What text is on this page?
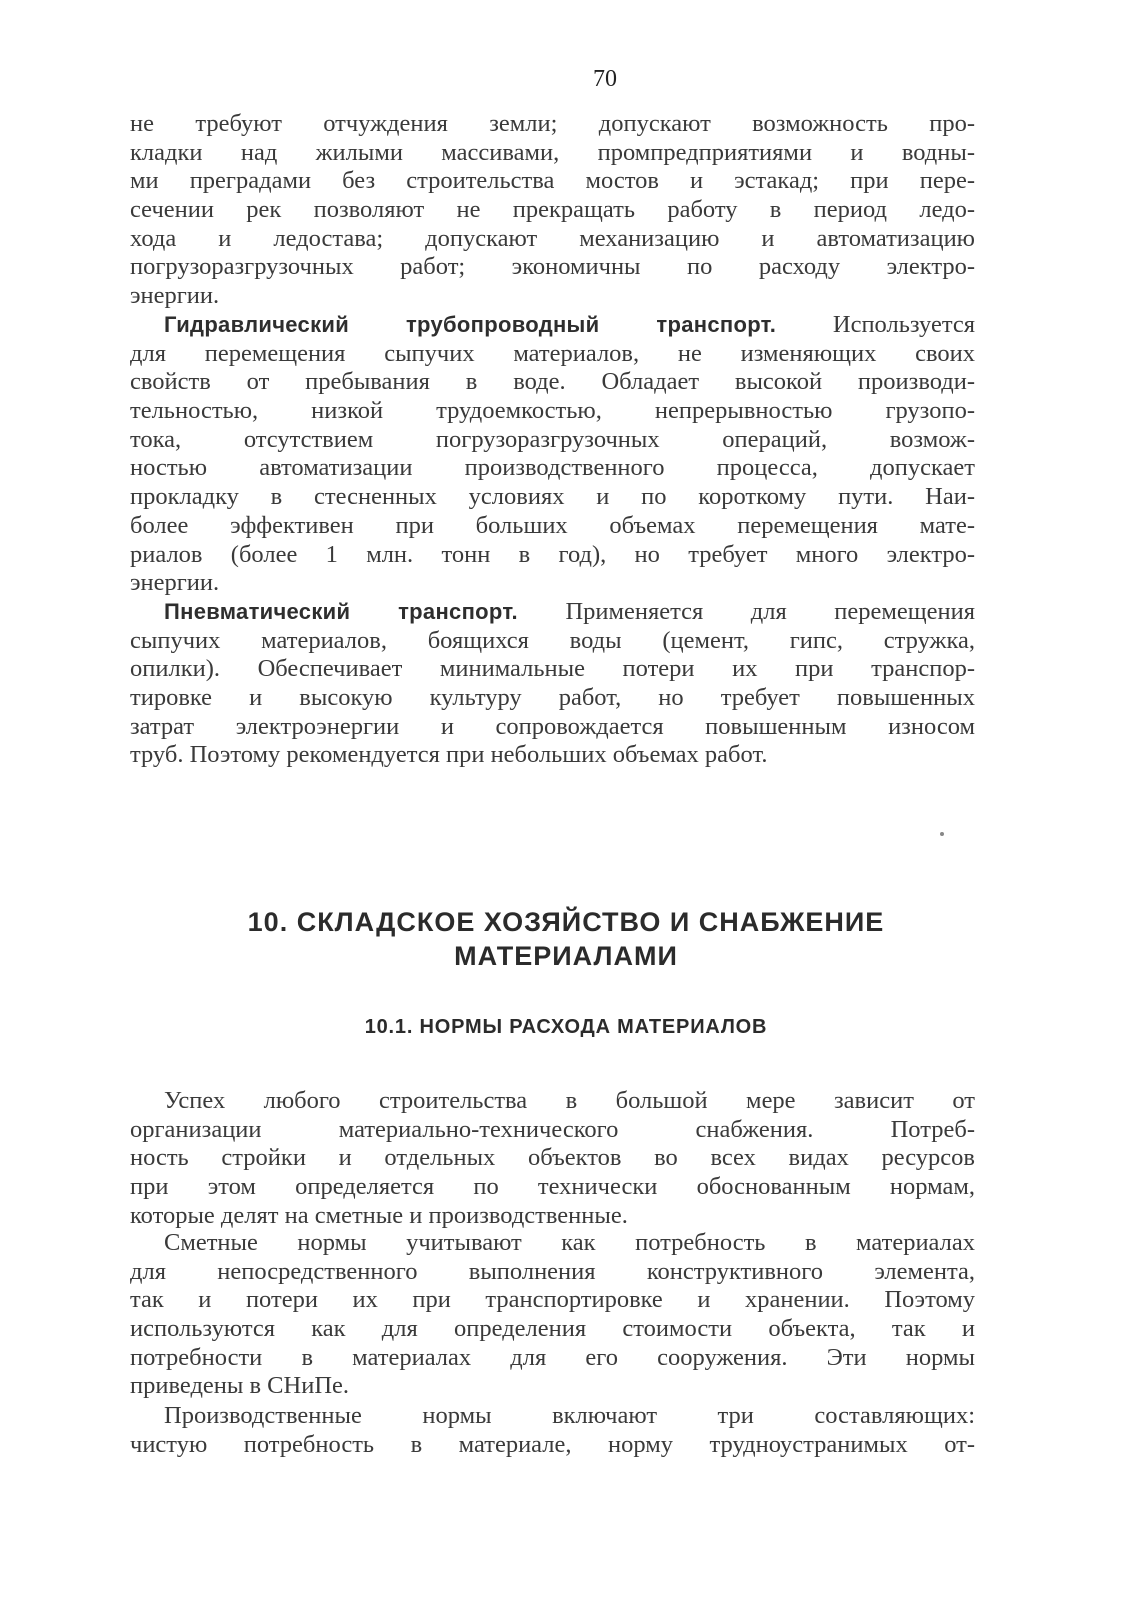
70
не требуют отчуждения земли; допускают возможность про-
кладки над жилыми массивами, промпредприятиями и водны-
ми преградами без строительства мостов и эстакад; при пере-
сечении рек позволяют не прекращать работу в период ледо-
хода и ледостава; допускают механизацию и автоматизацию
погрузоразгрузочных работ; экономичны по расходу электро-
энергии.
Гидравлический трубопроводный транспорт. Используется
для перемещения сыпучих материалов, не изменяющих своих
свойств от пребывания в воде. Обладает высокой производи-
тельностью, низкой трудоемкостью, непрерывностью грузопо-
тока, отсутствием погрузоразгрузочных операций, возмож-
ностью автоматизации производственного процесса, допускает
прокладку в стесненных условиях и по короткому пути. Наи-
более эффективен при больших объемах перемещения мате-
риалов (более 1 млн. тонн в год), но требует много электро-
энергии.
Пневматический транспорт. Применяется для перемещения
сыпучих материалов, боящихся воды (цемент, гипс, стружка,
опилки). Обеспечивает минимальные потери их при транспор-
тировке и высокую культуру работ, но требует повышенных
затрат электроэнергии и сопровождается повышенным износом
труб. Поэтому рекомендуется при небольших объемах работ.
10. СКЛАДСКОЕ ХОЗЯЙСТВО И СНАБЖЕНИЕ
МАТЕРИАЛАМИ
10.1. НОРМЫ РАСХОДА МАТЕРИАЛОВ
Успех любого строительства в большой мере зависит от
организации материально-технического снабжения. Потреб-
ность стройки и отдельных объектов во всех видах ресурсов
при этом определяется по технически обоснованным нормам,
которые делят на сметные и производственные.
Сметные нормы учитывают как потребность в материалах
для непосредственного выполнения конструктивного элемента,
так и потери их при транспортировке и хранении. Поэтому
используются как для определения стоимости объекта, так и
потребности в материалах для его сооружения. Эти нормы
приведены в СНиПе.
Производственные нормы включают три составляющих:
чистую потребность в материале, норму трудноустранимых от-
